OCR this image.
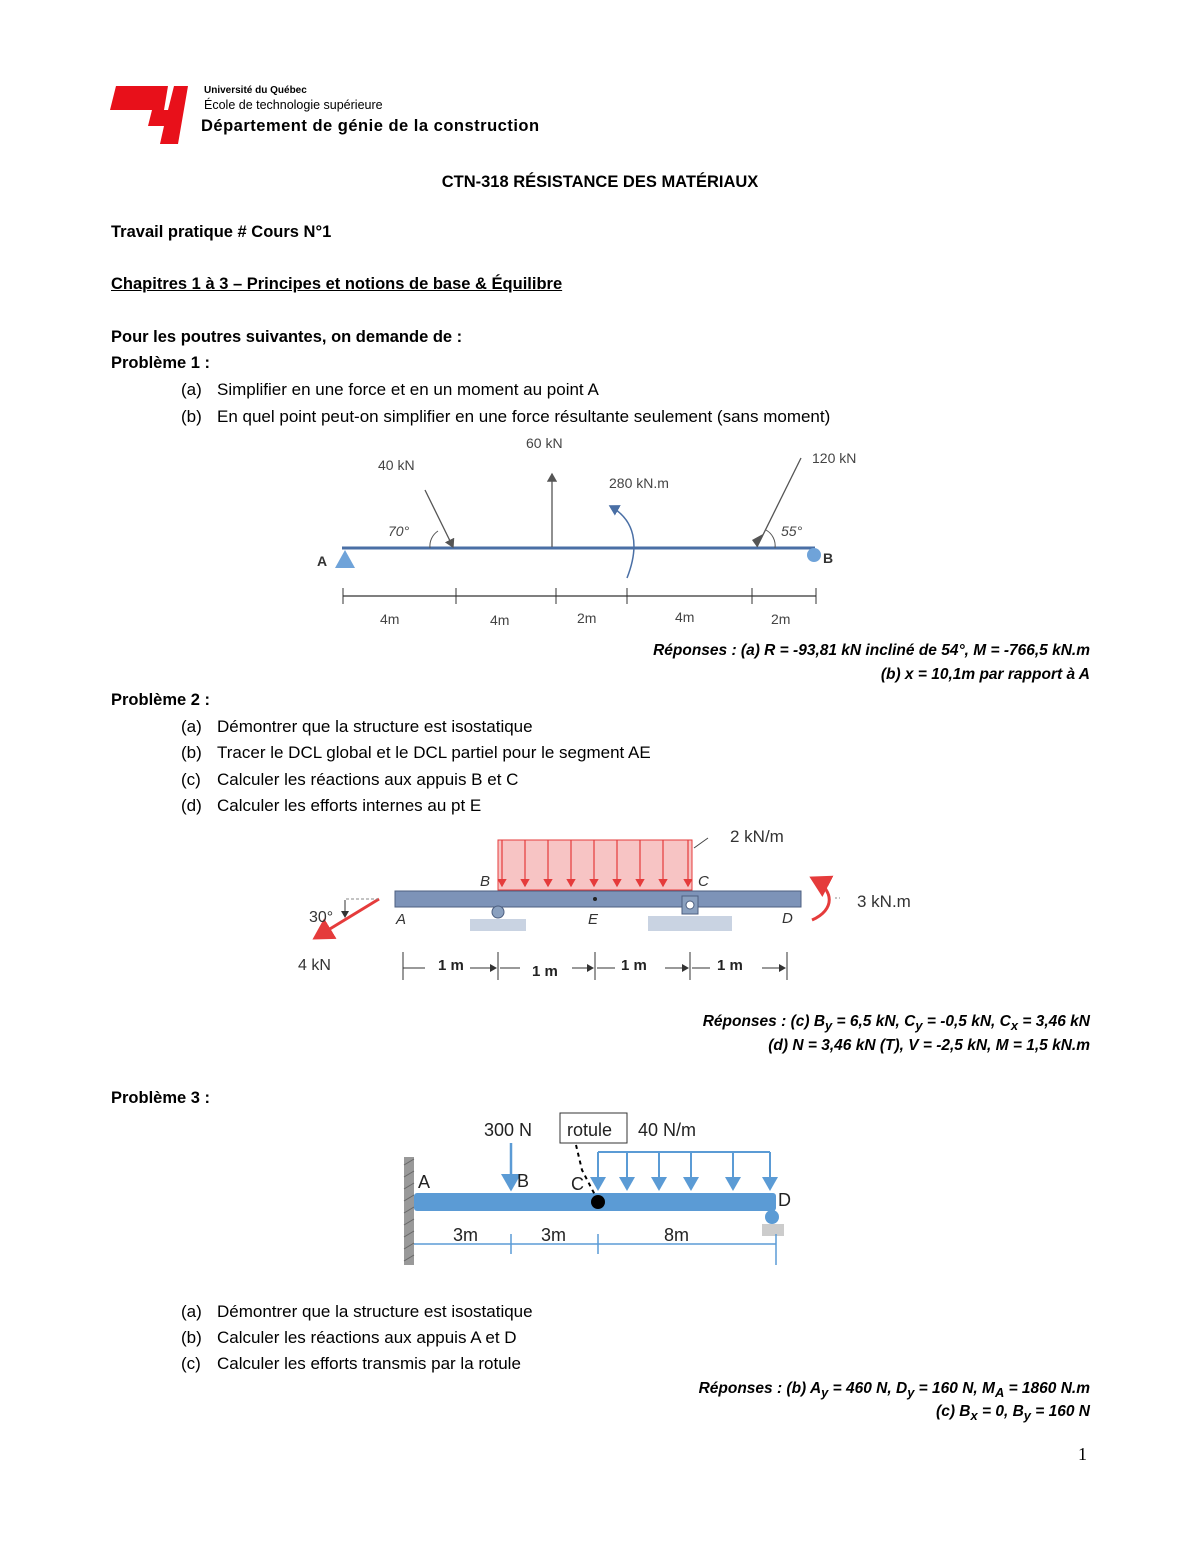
Université du Québec
École de technologie supérieure
Département de génie de la construction
CTN-318 RÉSISTANCE DES MATÉRIAUX
Travail pratique # Cours N°1
Chapitres 1 à 3 – Principes et notions de base & Équilibre
Pour les poutres suivantes, on demande de :
Problème 1 :
(a) Simplifier en une force et en un moment au point A
(b) En quel point peut-on simplifier en une force résultante seulement (sans moment)
A	B
40 kN
70°
60 kN
280 kN.m
120 kN
55°
4m	4m	2m	4m	2m
Réponses : (a) R = -93,81 kN incliné de 54°, M = -766,5 kN.m
(b) x = 10,1m par rapport à A
Problème 2 :
(a) Démontrer que la structure est isostatique
(b) Tracer le DCL global et le DCL partiel pour le segment AE
(c) Calculer les réactions aux appuis B et C
(d) Calculer les efforts internes au pt E
2 kN/m
A
B	C
D
E
3 kN.m
30°
4 kN	1 m	1 m	1 m	1 m
Réponses : (c) $B_y = 6,5$ kN, $C_y = -0,5$ kN, $C_x = 3,46$ kN
(d) N = 3,46 kN (T), V = -2,5 kN, M = 1,5 kN.m
Problème 3 :
300 N rotule 40 N/m
A	B C
D
3m	3m	8m
(a) Démontrer que la structure est isostatique
(b) Calculer les réactions aux appuis A et D
(c) Calculer les efforts transmis par la rotule
Réponses : (b) $A_y = 460$ N, $D_y = 160$ N, $M_A = 1860$ N.m
(c) $B_x = 0$, $B_y = 160$ N
1
